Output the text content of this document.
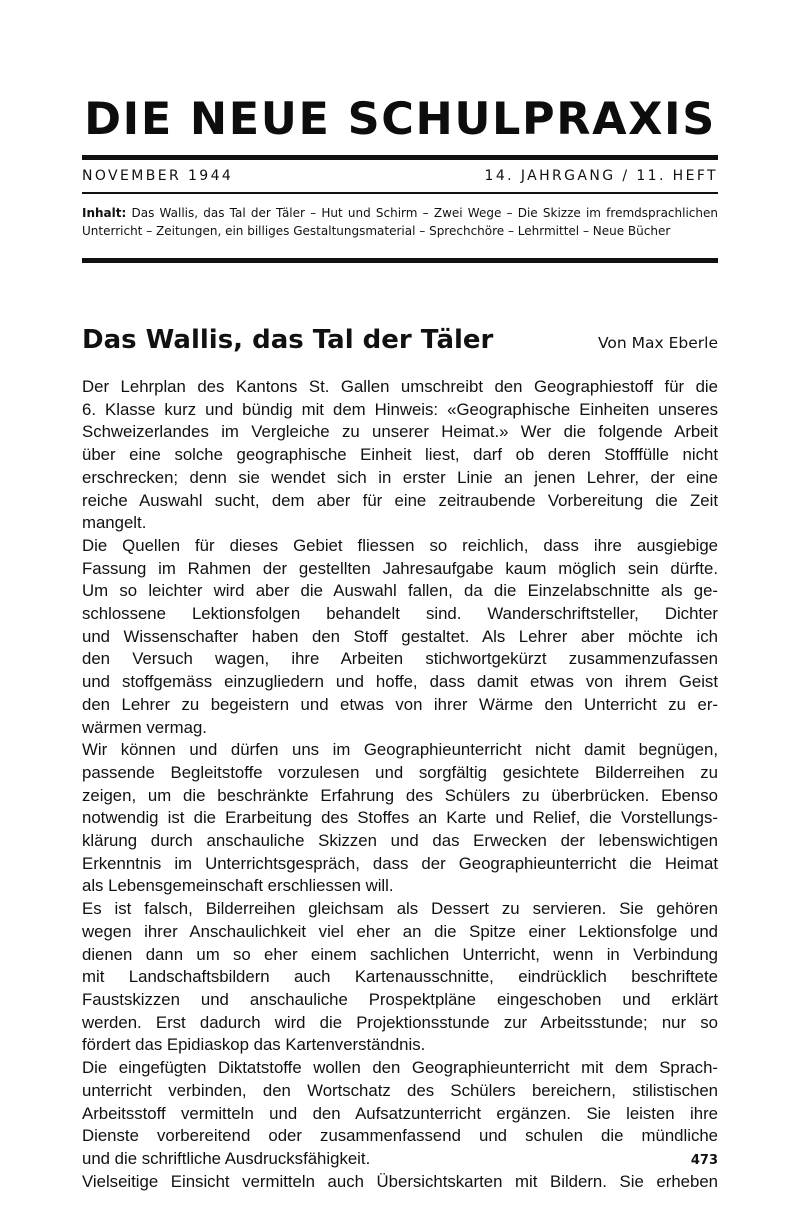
DIE NEUE SCHULPRAXIS
NOVEMBER 1944	14. JAHRGANG / 11. HEFT
Inhalt: Das Wallis, das Tal der Täler – Hut und Schirm – Zwei Wege – Die Skizze im fremdsprachlichen Unterricht – Zeitungen, ein billiges Gestaltungsmaterial – Sprechchöre – Lehrmittel – Neue Bücher
Das Wallis, das Tal der Täler	Von Max Eberle

Der Lehrplan des Kantons St. Gallen umschreibt den Geographiestoff für die

6. Klasse kurz und bündig mit dem Hinweis: «Geographische Einheiten unseres

Schweizerlandes im Vergleiche zu unserer Heimat.» Wer die folgende Arbeit

über eine solche geographische Einheit liest, darf ob deren Stofffülle nicht

erschrecken; denn sie wendet sich in erster Linie an jenen Lehrer, der eine

reiche Auswahl sucht, dem aber für eine zeitraubende Vorbereitung die Zeit

mangelt.

Die Quellen für dieses Gebiet fliessen so reichlich, dass ihre ausgiebige

Fassung im Rahmen der gestellten Jahresaufgabe kaum möglich sein dürfte.

Um so leichter wird aber die Auswahl fallen, da die Einzelabschnitte als ge-

schlossene Lektionsfolgen behandelt sind. Wanderschriftsteller, Dichter

und Wissenschafter haben den Stoff gestaltet. Als Lehrer aber möchte ich

den Versuch wagen, ihre Arbeiten stichwortgekürzt zusammenzufassen

und stoffgemäss einzugliedern und hoffe, dass damit etwas von ihrem Geist

den Lehrer zu begeistern und etwas von ihrer Wärme den Unterricht zu er-

wärmen vermag.

Wir können und dürfen uns im Geographieunterricht nicht damit begnügen,

passende Begleitstoffe vorzulesen und sorgfältig gesichtete Bilderreihen zu

zeigen, um die beschränkte Erfahrung des Schülers zu überbrücken. Ebenso

notwendig ist die Erarbeitung des Stoffes an Karte und Relief, die Vorstellungs-

klärung durch anschauliche Skizzen und das Erwecken der lebenswichtigen

Erkenntnis im Unterrichtsgespräch, dass der Geographieunterricht die Heimat

als Lebensgemeinschaft erschliessen will.

Es ist falsch, Bilderreihen gleichsam als Dessert zu servieren. Sie gehören

wegen ihrer Anschaulichkeit viel eher an die Spitze einer Lektionsfolge und

dienen dann um so eher einem sachlichen Unterricht, wenn in Verbindung

mit Landschaftsbildern auch Kartenausschnitte, eindrücklich beschriftete

Faustskizzen und anschauliche Prospektpläne eingeschoben und erklärt

werden. Erst dadurch wird die Projektionsstunde zur Arbeitsstunde; nur so

fördert das Epidiaskop das Kartenverständnis.

Die eingefügten Diktatstoffe wollen den Geographieunterricht mit dem Sprach-

unterricht verbinden, den Wortschatz des Schülers bereichern, stilistischen

Arbeitsstoff vermitteln und den Aufsatzunterricht ergänzen. Sie leisten ihre

Dienste vorbereitend oder zusammenfassend und schulen die mündliche

und die schriftliche Ausdrucksfähigkeit.

Vielseitige Einsicht vermitteln auch Übersichtskarten mit Bildern. Sie erheben

473
